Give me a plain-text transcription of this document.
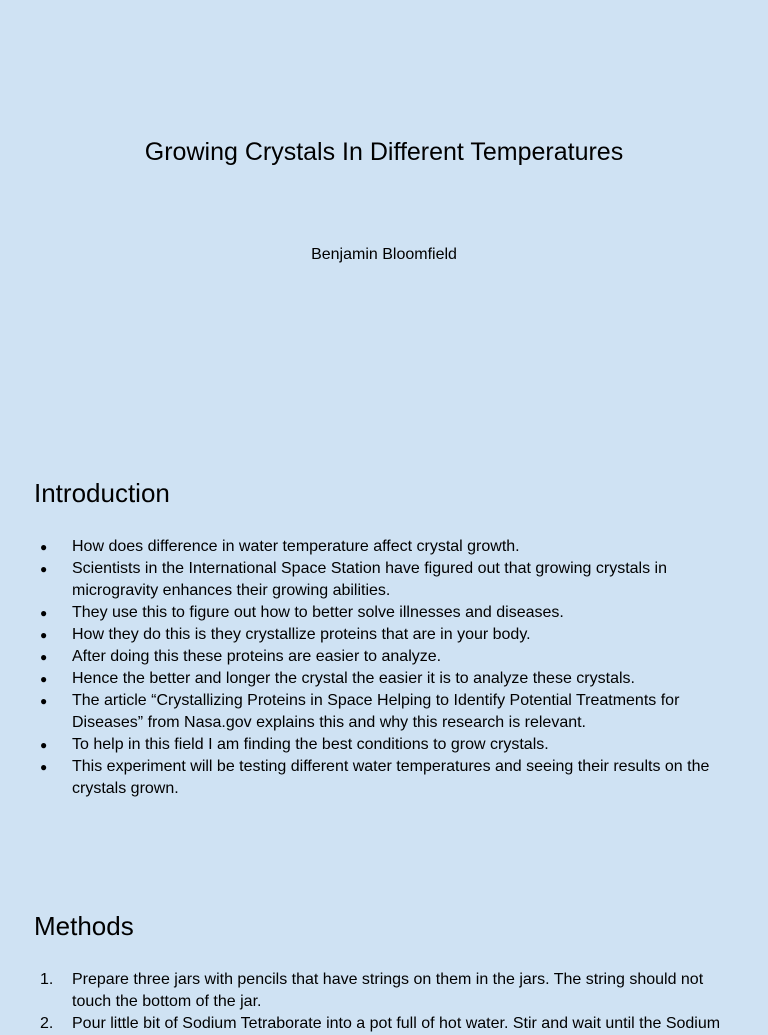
Growing Crystals In Different Temperatures
Benjamin Bloomfield
Introduction
●	How does difference in water temperature affect crystal growth.
●	Scientists in the International Space Station have figured out that growing crystals in microgravity enhances their growing abilities.
●	They use this to figure out how to better solve illnesses and diseases.
●	How they do this is they crystallize proteins that are in your body.
●	After doing this these proteins are easier to analyze.
●	Hence the better and longer the crystal the easier it is to analyze these crystals.
●	The article “Crystallizing Proteins in Space Helping to Identify Potential Treatments for Diseases” from Nasa.gov explains this and why this research is relevant.
●	To help in this field I am finding the best conditions to grow crystals.
●	This experiment will be testing different water temperatures and seeing their results on the crystals grown.
Methods
1.	Prepare three jars with pencils that have strings on them in the jars. The string should not touch the bottom of the jar.
2.	Pour little bit of Sodium Tetraborate into a pot full of hot water. Stir and wait until the Sodium
